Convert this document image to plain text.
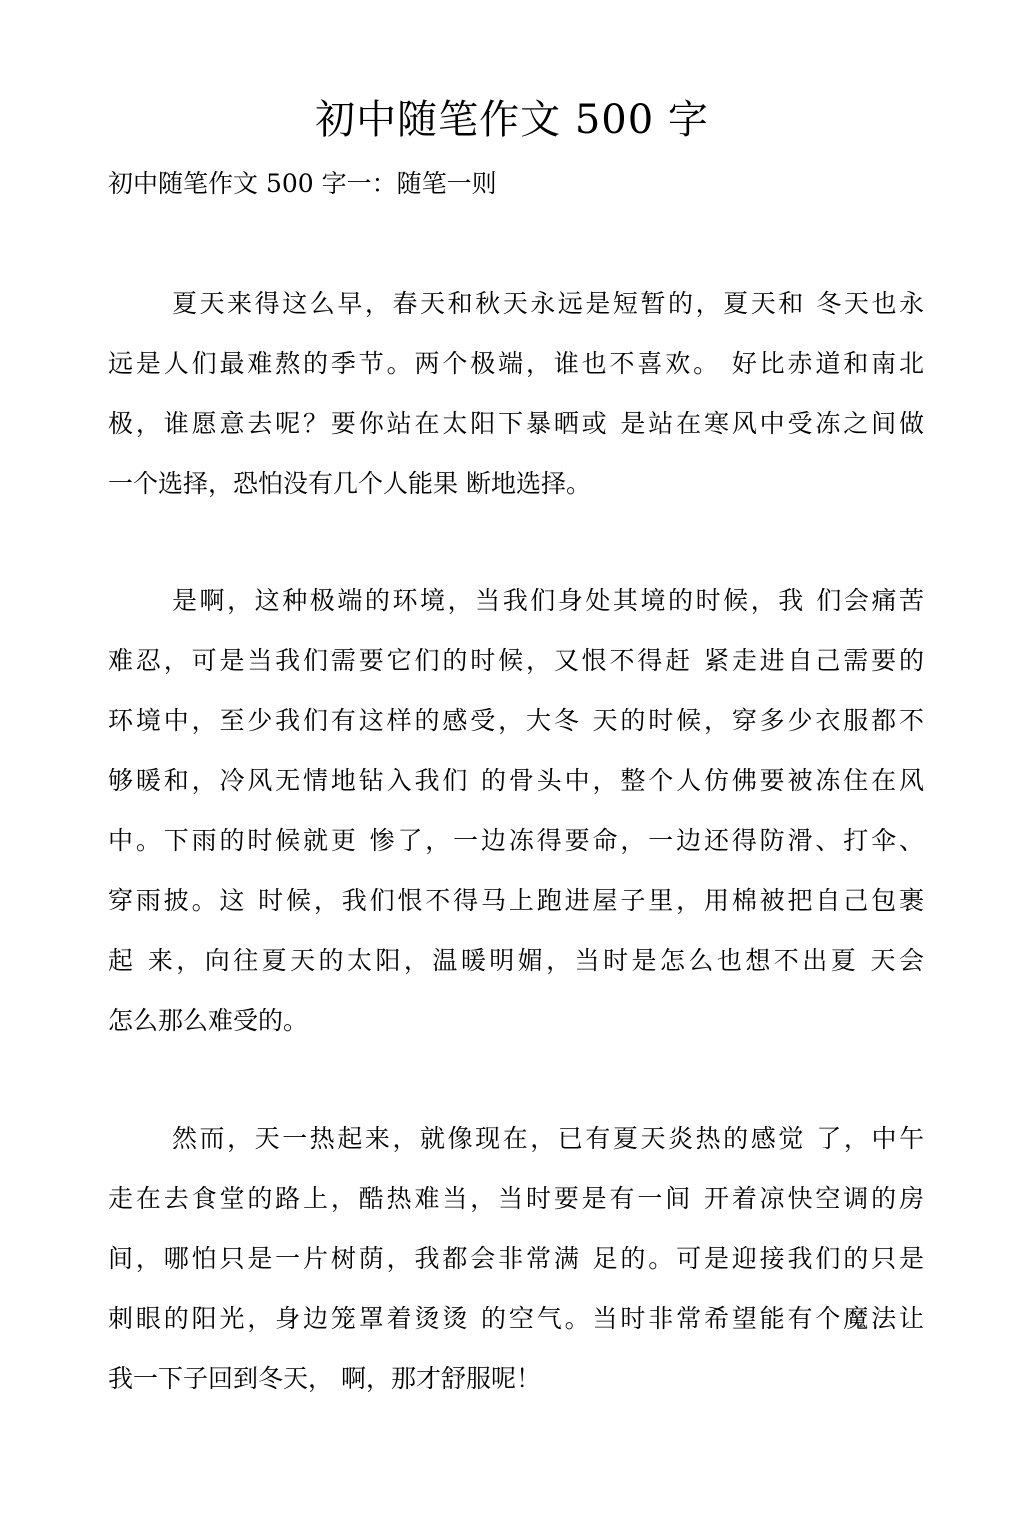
初中随笔作文 500 字
初中随笔作文 500 字一：随笔一则
夏天来得这么早，春天和秋天永远是短暂的，夏天和 冬天也永
远是人们最难熬的季节。两个极端，谁也不喜欢。 好比赤道和南北
极，谁愿意去呢？要你站在太阳下暴晒或 是站在寒风中受冻之间做
一个选择，恐怕没有几个人能果 断地选择。
是啊，这种极端的环境，当我们身处其境的时候，我 们会痛苦
难忍，可是当我们需要它们的时候，又恨不得赶 紧走进自己需要的
环境中，至少我们有这样的感受，大冬 天的时候，穿多少衣服都不
够暖和，冷风无情地钻入我们 的骨头中，整个人仿佛要被冻住在风
中。下雨的时候就更 惨了，一边冻得要命，一边还得防滑、打伞、
穿雨披。这 时候，我们恨不得马上跑进屋子里，用棉被把自己包裹
起 来，向往夏天的太阳，温暖明媚，当时是怎么也想不出夏 天会
怎么那么难受的。
然而，天一热起来，就像现在，已有夏天炎热的感觉 了，中午
走在去食堂的路上，酷热难当，当时要是有一间 开着凉快空调的房
间，哪怕只是一片树荫，我都会非常满 足的。可是迎接我们的只是
刺眼的阳光，身边笼罩着烫烫 的空气。当时非常希望能有个魔法让
我一下子回到冬天， 啊，那才舒服呢！
